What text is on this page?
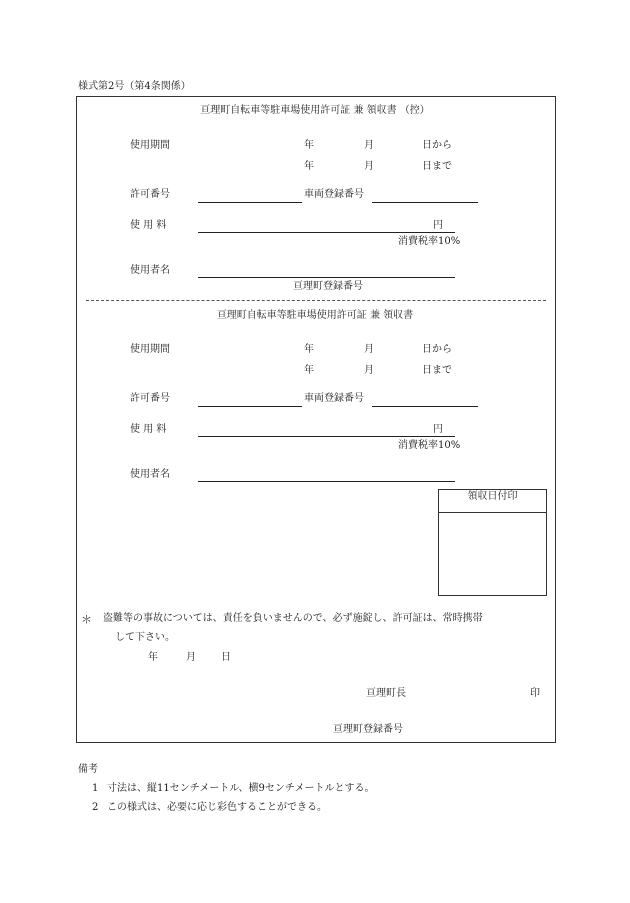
様式第2号（第4条関係）
亘理町自転車等駐車場使用許可証 兼 領収書 （控）
使用期間	年	月	日から
年	月	日まで
許可番号	車両登録番号
使 用 料	円
消費税率10%
使用者名
亘理町登録番号
亘理町自転車等駐車場使用許可証 兼 領収書
使用期間	年	月	日から
年	月	日まで
許可番号	車両登録番号
使 用 料	円
消費税率10%
使用者名
領収日付印
＊ 盗難等の事故については、責任を負いませんので、必ず施錠し、許可証は、常時携帯
して下さい。
年	月	日
亘理町長	印
亘理町登録番号
備考
1 寸法は、縦11センチメートル、横9センチメートルとする。
2 この様式は、必要に応じ彩色することができる。
